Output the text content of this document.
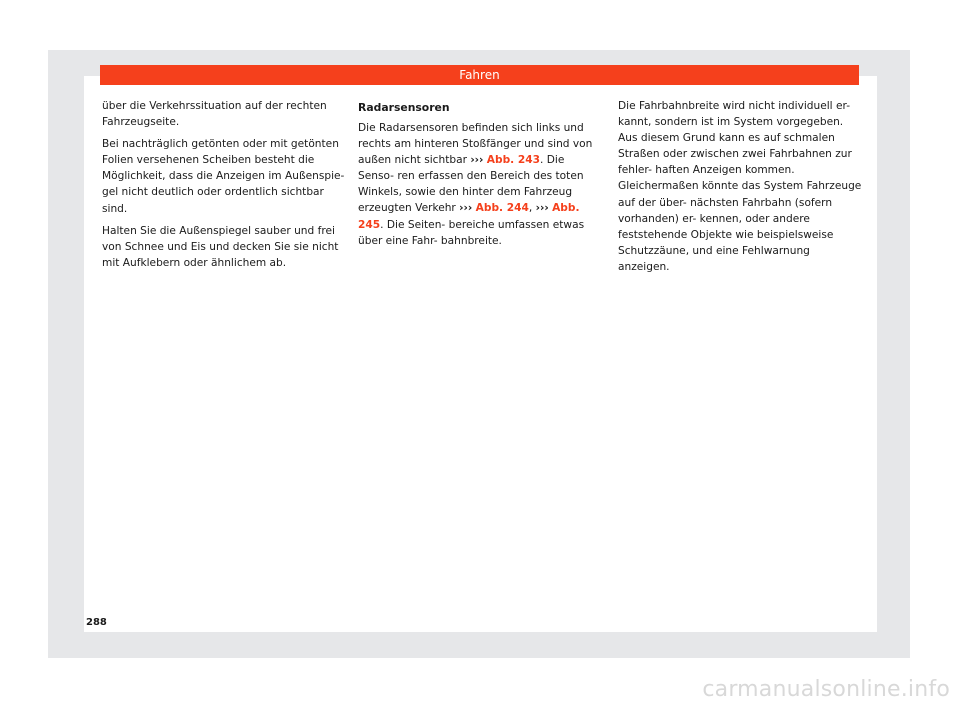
Fahren

über die Verkehrssituation auf der rechten Fahrzeugseite.

Bei nachträglich getönten oder mit getönten Folien versehenen Scheiben besteht die Möglichkeit, dass die Anzeigen im Außenspie- gel nicht deutlich oder ordentlich sichtbar sind.

Halten Sie die Außenspiegel sauber und frei von Schnee und Eis und decken Sie sie nicht mit Aufklebern oder ähnlichem ab.

Radarsensoren

Die Radarsensoren befinden sich links und rechts am hinteren Stoßfänger und sind von außen nicht sichtbar ››› Abb. 243. Die Senso- ren erfassen den Bereich des toten Winkels, sowie den hinter dem Fahrzeug erzeugten Verkehr ››› Abb. 244, ››› Abb. 245. Die Seiten- bereiche umfassen etwas über eine Fahr- bahnbreite.

Die Fahrbahnbreite wird nicht individuell er- kannt, sondern ist im System vorgegeben. Aus diesem Grund kann es auf schmalen Straßen oder zwischen zwei Fahrbahnen zur fehler- haften Anzeigen kommen. Gleichermaßen könnte das System Fahrzeuge auf der über- nächsten Fahrbahn (sofern vorhanden) er- kennen, oder andere feststehende Objekte wie beispielsweise Schutzzäune, und eine Fehlwarnung anzeigen.

288
carmanualsonline.info
